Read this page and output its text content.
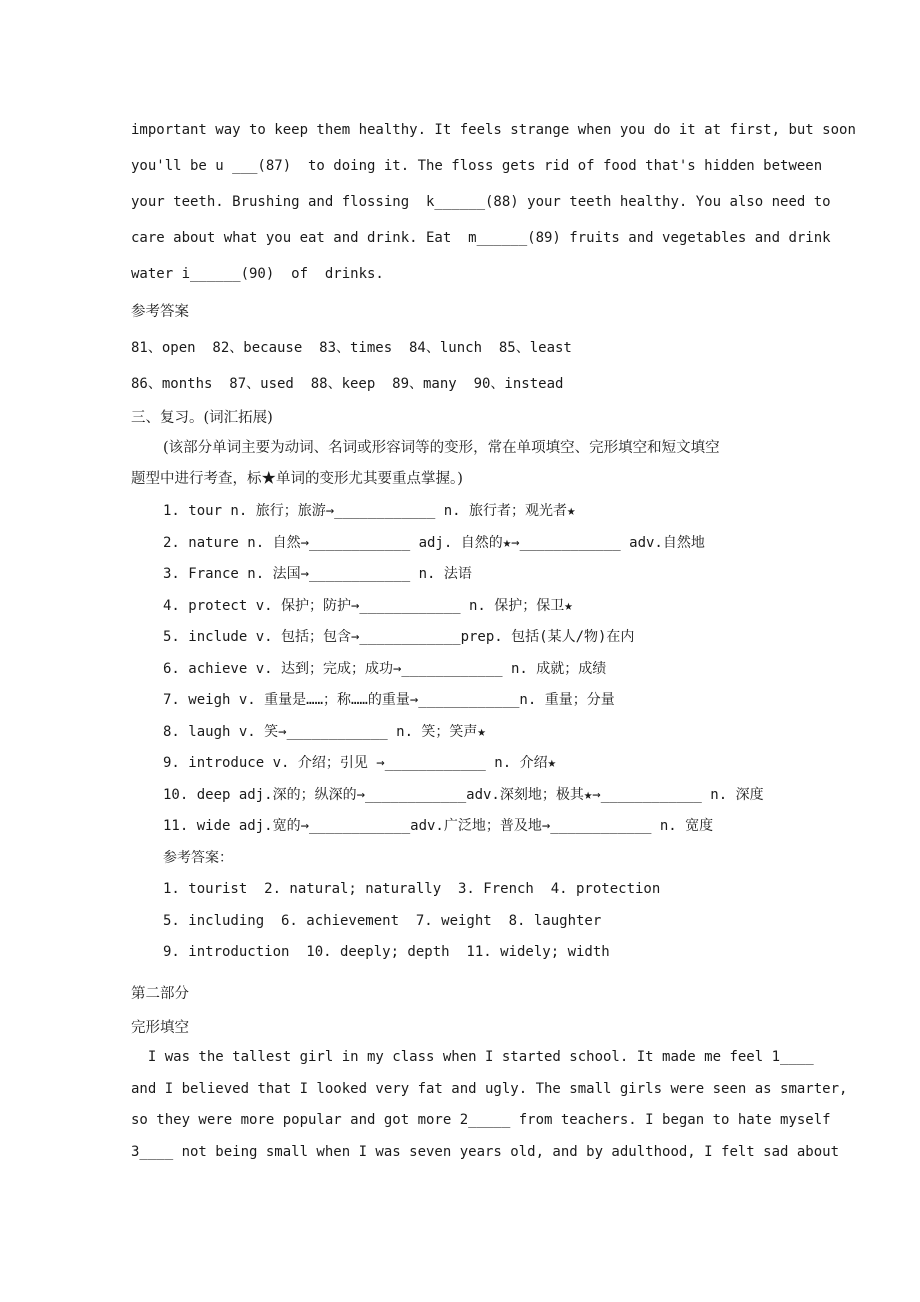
important way to keep them healthy. It feels strange when you do it at first, but soon
you'll be u ___(87)  to doing it. The floss gets rid of food that's hidden between
your teeth. Brushing and flossing  k______(88) your teeth healthy. You also need to
care about what you eat and drink. Eat  m______(89) fruits and vegetables and drink
water i______(90)  of  drinks.
参考答案
81、open  82、because  83、times  84、lunch  85、least
86、months  87、used  88、keep  89、many  90、instead
三、复习。(词汇拓展)
(该部分单词主要为动词、名词或形容词等的变形，常在单项填空、完形填空和短文填空
题型中进行考查，标★单词的变形尤其要重点掌握。)
1. tour n. 旅行；旅游→____________ n. 旅行者；观光者★
2. nature n. 自然→____________ adj. 自然的★→____________ adv.自然地
3. France n. 法国→____________ n. 法语
4. protect v. 保护；防护→____________ n. 保护；保卫★
5. include v. 包括；包含→____________prep. 包括(某人/物)在内
6. achieve v. 达到；完成；成功→____________ n. 成就；成绩
7. weigh v. 重量是……；称……的重量→____________n. 重量；分量
8. laugh v. 笑→____________ n. 笑；笑声★
9. introduce v. 介绍；引见 →____________ n. 介绍★
10. deep adj.深的；纵深的→____________adv.深刻地；极其★→____________ n. 深度
11. wide adj.宽的→____________adv.广泛地；普及地→____________ n. 宽度
参考答案：
1. tourist  2. natural; naturally  3. French  4. protection
5. including  6. achievement  7. weight  8. laughter
9. introduction  10. deeply; depth  11. widely; width
第二部分
完形填空
I was the tallest girl in my class when I started school. It made me feel 1____
and I believed that I looked very fat and ugly. The small girls were seen as smarter,
so they were more popular and got more 2_____ from teachers. I began to hate myself
3____ not being small when I was seven years old, and by adulthood, I felt sad about
